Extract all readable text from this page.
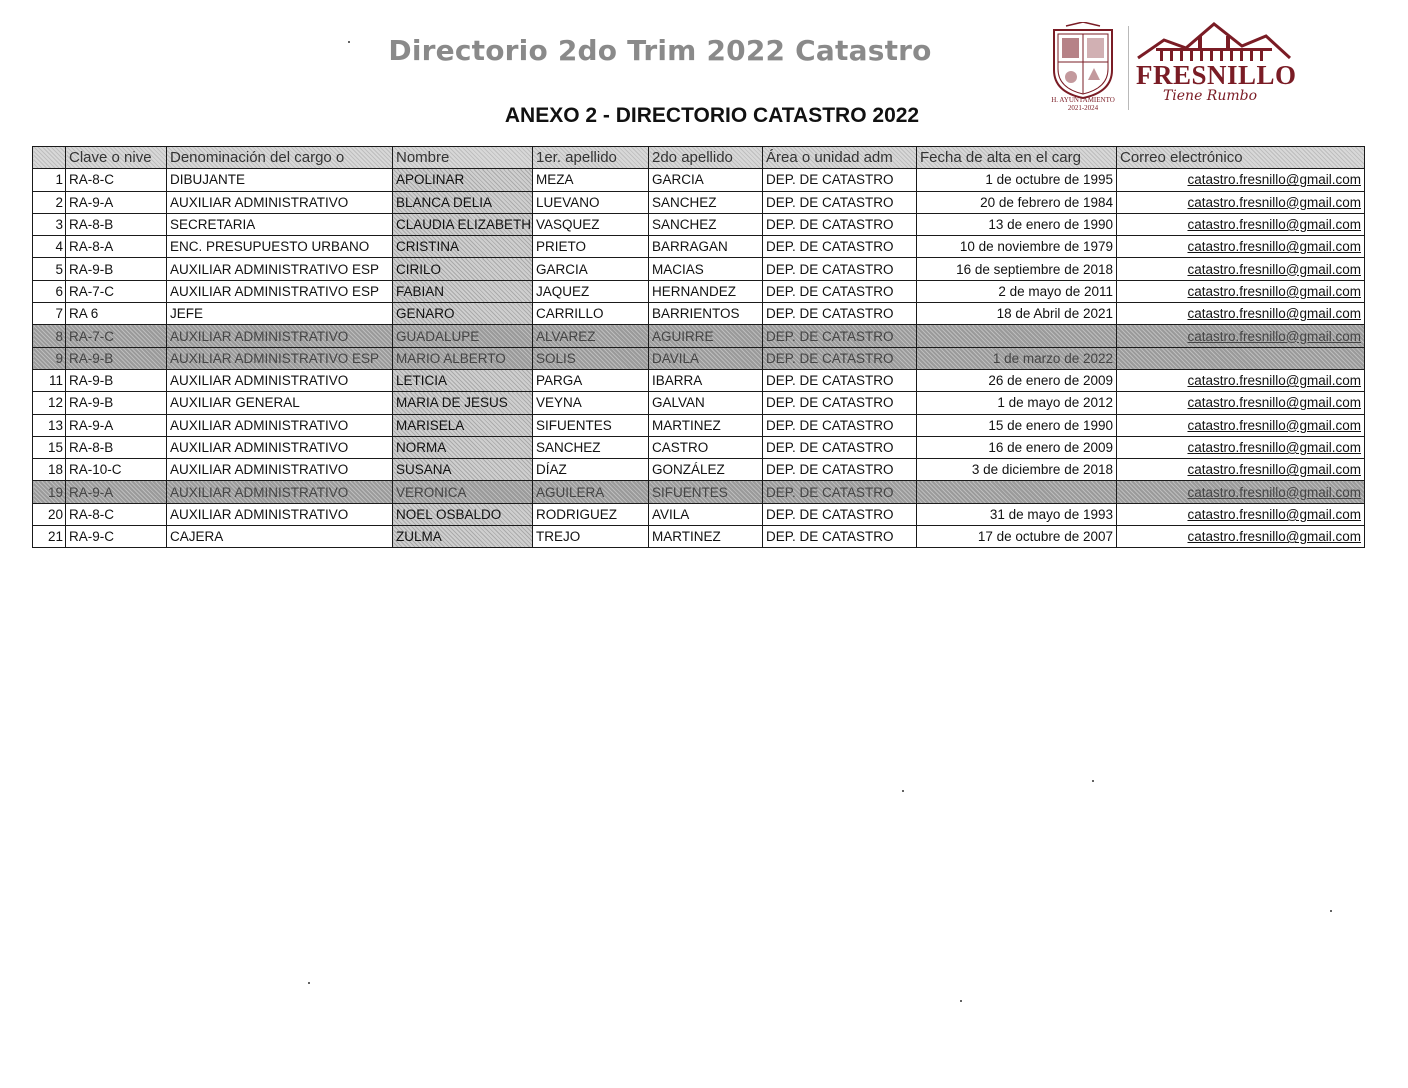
Directorio 2do Trim 2022 Catastro
H. AYUNTAMIENTO
2021-2024
FRESNILLO
Tiene Rumbo
ANEXO 2 - DIRECTORIO CATASTRO 2022
	Clave o nive	Denominación del cargo o	Nombre	1er. apellido	2do apellido	Área o unidad adm	Fecha de alta en el carg	Correo electrónico
1	RA-8-C	DIBUJANTE	APOLINAR	MEZA	GARCIA	DEP. DE CATASTRO	1 de octubre de 1995	catastro.fresnillo@gmail.com
2	RA-9-A	AUXILIAR ADMINISTRATIVO	BLANCA DELIA	LUEVANO	SANCHEZ	DEP. DE CATASTRO	20 de febrero de 1984	catastro.fresnillo@gmail.com
3	RA-8-B	SECRETARIA	CLAUDIA ELIZABETH	VASQUEZ	SANCHEZ	DEP. DE CATASTRO	13 de enero de 1990	catastro.fresnillo@gmail.com
4	RA-8-A	ENC. PRESUPUESTO URBANO	CRISTINA	PRIETO	BARRAGAN	DEP. DE CATASTRO	10 de noviembre de 1979	catastro.fresnillo@gmail.com
5	RA-9-B	AUXILIAR ADMINISTRATIVO ESP	CIRILO	GARCIA	MACIAS	DEP. DE CATASTRO	16 de septiembre de 2018	catastro.fresnillo@gmail.com
6	RA-7-C	AUXILIAR ADMINISTRATIVO ESP	FABIAN	JAQUEZ	HERNANDEZ	DEP. DE CATASTRO	2 de mayo de 2011	catastro.fresnillo@gmail.com
7	RA 6	JEFE	GENARO	CARRILLO	BARRIENTOS	DEP. DE CATASTRO	18 de Abril de 2021	catastro.fresnillo@gmail.com
8	RA-7-C	AUXILIAR ADMINISTRATIVO	GUADALUPE	ALVAREZ	AGUIRRE	DEP. DE CATASTRO		catastro.fresnillo@gmail.com
9	RA-9-B	AUXILIAR ADMINISTRATIVO ESP	MARIO ALBERTO	SOLIS	DAVILA	DEP. DE CATASTRO	1 de marzo de 2022	
11	RA-9-B	AUXILIAR ADMINISTRATIVO	LETICIA	PARGA	IBARRA	DEP. DE CATASTRO	26 de enero de 2009	catastro.fresnillo@gmail.com
12	RA-9-B	AUXILIAR GENERAL	MARIA DE JESUS	VEYNA	GALVAN	DEP. DE CATASTRO	1 de mayo de 2012	catastro.fresnillo@gmail.com
13	RA-9-A	AUXILIAR ADMINISTRATIVO	MARISELA	SIFUENTES	MARTINEZ	DEP. DE CATASTRO	15 de enero de 1990	catastro.fresnillo@gmail.com
15	RA-8-B	AUXILIAR ADMINISTRATIVO	NORMA	SANCHEZ	CASTRO	DEP. DE CATASTRO	16 de enero de 2009	catastro.fresnillo@gmail.com
18	RA-10-C	AUXILIAR ADMINISTRATIVO	SUSANA	DÍAZ	GONZÁLEZ	DEP. DE CATASTRO	3 de diciembre de 2018	catastro.fresnillo@gmail.com
19	RA-9-A	AUXILIAR ADMINISTRATIVO	VERONICA	AGUILERA	SIFUENTES	DEP. DE CATASTRO		catastro.fresnillo@gmail.com
20	RA-8-C	AUXILIAR ADMINISTRATIVO	NOEL OSBALDO	RODRIGUEZ	AVILA	DEP. DE CATASTRO	31 de mayo de 1993	catastro.fresnillo@gmail.com
21	RA-9-C	CAJERA	ZULMA	TREJO	MARTINEZ	DEP. DE CATASTRO	17 de octubre de 2007	catastro.fresnillo@gmail.com
